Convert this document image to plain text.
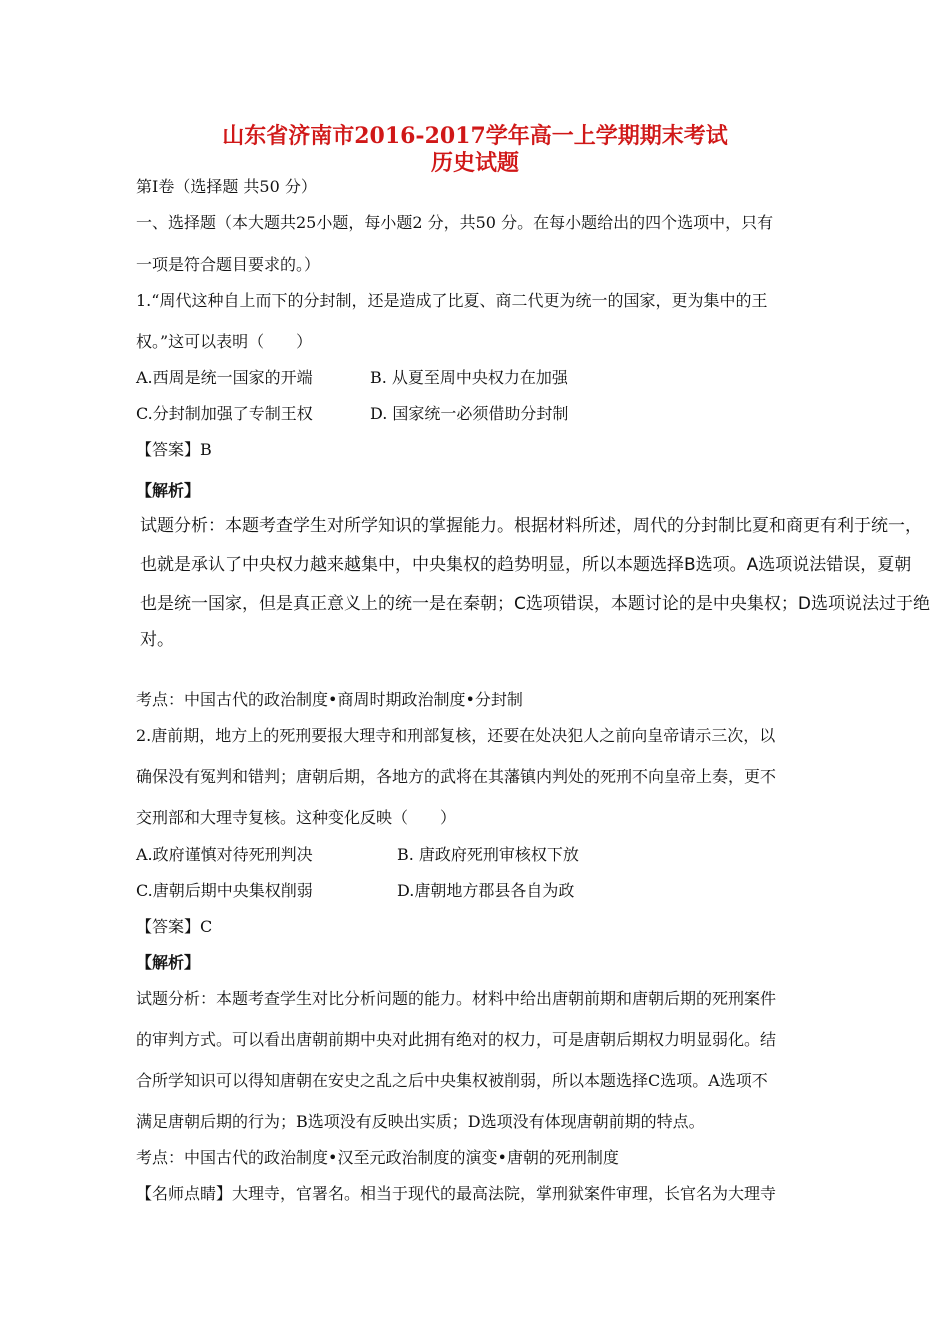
山东省济南市2016-2017学年高一上学期期末考试
历史试题
第Ⅰ卷（选择题 共50 分）
一、选择题（本大题共25小题，每小题2 分，共50 分。在每小题给出的四个选项中，只有
一项是符合题目要求的。）
1.“周代这种自上而下的分封制，还是造成了比夏、商二代更为统一的国家，更为集中的王
权。”这可以表明（　　）
A.西周是统一国家的开端	B. 从夏至周中央权力在加强
C.分封制加强了专制王权	D. 国家统一必须借助分封制
【答案】B
【解析】
试题分析：本题考查学生对所学知识的掌握能力。根据材料所述，周代的分封制比夏和商更有利于统一，
也就是承认了中央权力越来越集中，中央集权的趋势明显，所以本题选择B选项。A选项说法错误，夏朝
也是统一国家，但是真正意义上的统一是在秦朝；C选项错误，本题讨论的是中央集权；D选项说法过于绝
对。
考点：中国古代的政治制度•商周时期政治制度•分封制
2.唐前期，地方上的死刑要报大理寺和刑部复核，还要在处决犯人之前向皇帝请示三次，以
确保没有冤判和错判；唐朝后期，各地方的武将在其藩镇内判处的死刑不向皇帝上奏，更不
交刑部和大理寺复核。这种变化反映（　　）
A.政府谨慎对待死刑判决	B. 唐政府死刑审核权下放
C.唐朝后期中央集权削弱	D.唐朝地方郡县各自为政
【答案】C
【解析】
试题分析：本题考查学生对比分析问题的能力。材料中给出唐朝前期和唐朝后期的死刑案件
的审判方式。可以看出唐朝前期中央对此拥有绝对的权力，可是唐朝后期权力明显弱化。结
合所学知识可以得知唐朝在安史之乱之后中央集权被削弱，所以本题选择C选项。A选项不
满足唐朝后期的行为；B选项没有反映出实质；D选项没有体现唐朝前期的特点。
考点：中国古代的政治制度•汉至元政治制度的演变•唐朝的死刑制度
【名师点睛】大理寺，官署名。相当于现代的最高法院，掌刑狱案件审理，长官名为大理寺
